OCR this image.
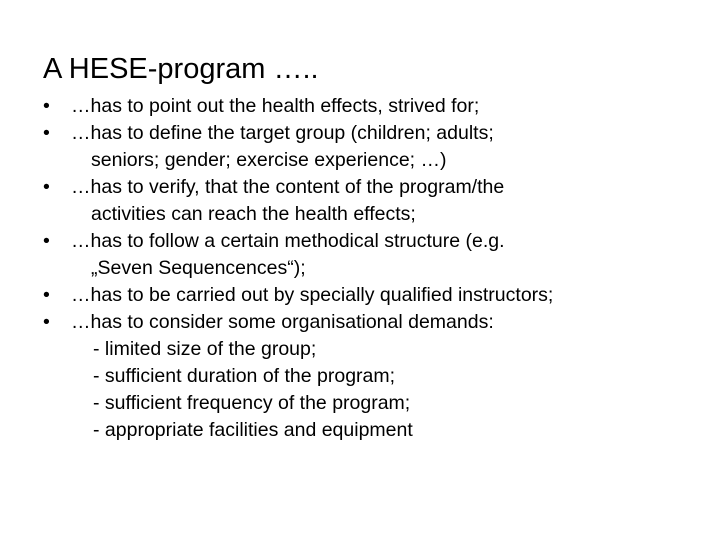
A HESE-program …..
•	…has to point out the health effects, strived for;
•	…has to define the target group (children; adults;
seniors; gender; exercise experience; …)
•	…has to verify, that the content of the program/the
activities can reach the health effects;
•	…has to follow a certain methodical structure (e.g.
„Seven Sequencences“);
•	…has to be carried out by specially qualified instructors;
•	…has to consider some organisational demands:
- limited size of the group;
- sufficient duration of the program;
- sufficient frequency of the program;
- appropriate facilities and equipment
